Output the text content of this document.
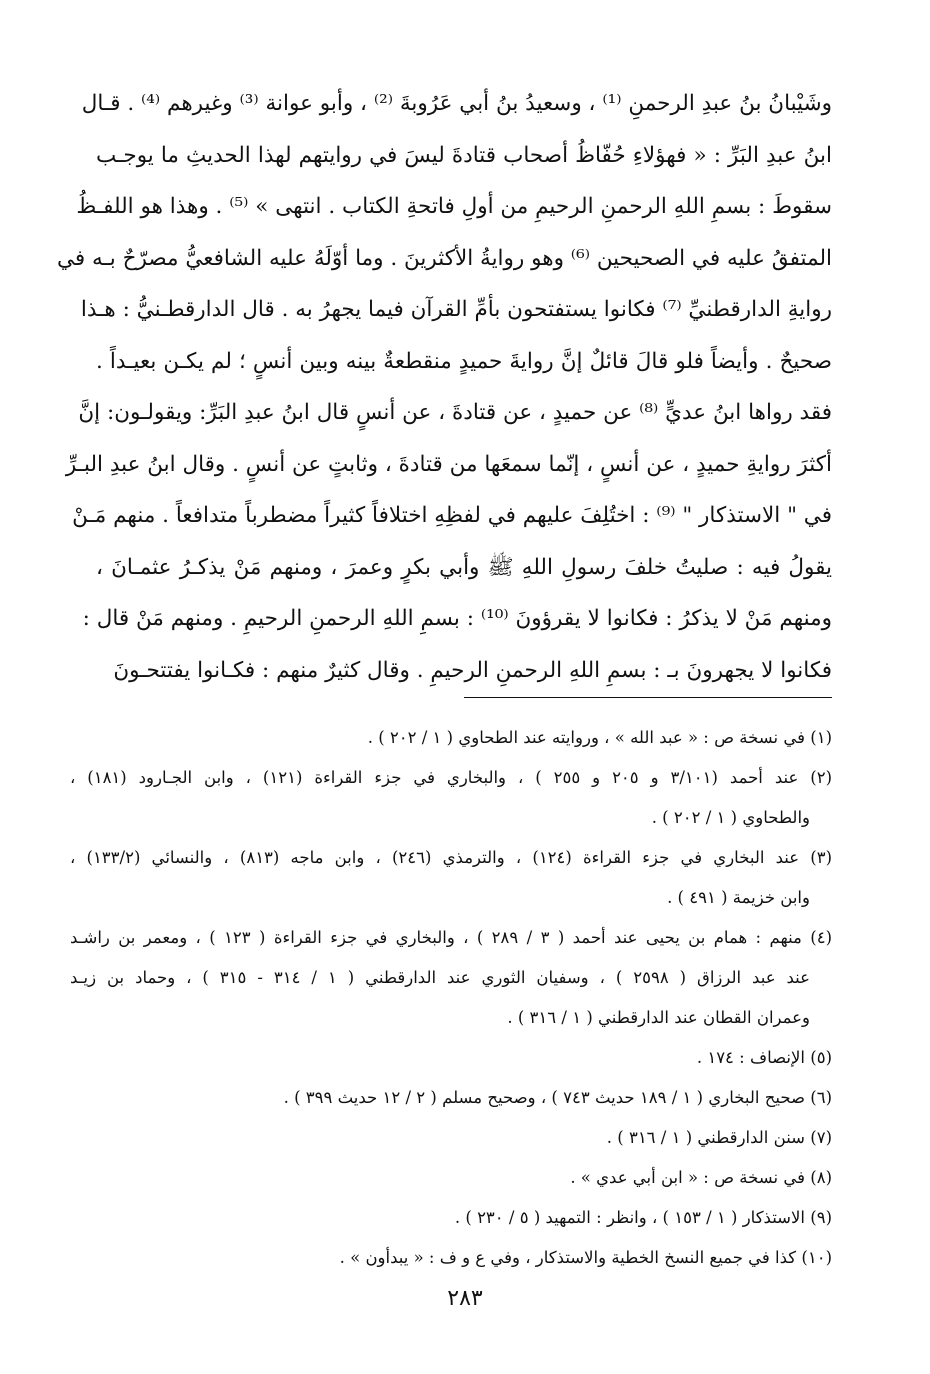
وشَيْبانُ بنُ عبدِ الرحمنِ ⁽¹⁾ ، وسعيدُ بنُ أبي عَرُوبةَ ⁽²⁾ ، وأبو عوانة ⁽³⁾ وغيرهم ⁽⁴⁾ . قـال
ابنُ عبدِ البَرِّ : « فهؤلاءِ حُفّاظُ أصحاب قتادةَ ليسَ في روايتهم لهذا الحديثِ ما يوجـب
سقوطَ : بسمِ اللهِ الرحمنِ الرحيمِ من أولِ فاتحةِ الكتاب . انتهى » ⁽⁵⁾ . وهذا هو اللفـظُ
المتفقُ عليه في الصحيحين ⁽⁶⁾ وهو روايةُ الأكثرينَ . وما أوّلَهُ عليه الشافعيُّ مصرّحٌ بـه في
روايةِ الدارقطنيِّ ⁽⁷⁾ فكانوا يستفتحون بأمِّ القرآن فيما يجهرُ به . قال الدارقطـنيُّ : هـذا
صحيحٌ . وأيضاً فلو قالَ قائلٌ إنَّ روايةَ حميدٍ منقطعةٌ بينه وبين أنسٍ ؛ لم يكـن بعيـداً .
فقد رواها ابنُ عديٍّ ⁽⁸⁾ عن حميدٍ ، عن قتادةَ ، عن أنسٍ قال ابنُ عبدِ البَرِّ: ويقولـون: إنَّ
أكثرَ روايةِ حميدٍ ، عن أنسٍ ، إنّما سمعَها من قتادةَ ، وثابتٍ عن أنسٍ . وقال ابنُ عبدِ البـرِّ
في " الاستذكار " ⁽⁹⁾ : اختُلِفَ عليهم في لفظِهِ اختلافاً كثيراً مضطرباً متدافعاً . منهم مَـنْ
يقولُ فيه : صليتُ خلفَ رسولِ اللهِ ﷺ وأبي بكرٍ وعمرَ ، ومنهم مَنْ يذكـرُ عثمـانَ ،
ومنهم مَنْ لا يذكرُ : فكانوا لا يقرؤونَ ⁽¹⁰⁾ : بسمِ اللهِ الرحمنِ الرحيمِ . ومنهم مَنْ قال :
فكانوا لا يجهرونَ بـ : بسمِ اللهِ الرحمنِ الرحيمِ . وقال كثيرٌ منهم : فكـانوا يفتتحـونَ
(١) في نسخة ص : « عبد الله » ، وروايته عند الطحاوي ( ١ / ٢٠٢ ) .
(٢) عند أحمد (٣/١٠١ و ٢٠٥ و ٢٥٥ ) ، والبخاري في جزء القراءة (١٢١) ، وابن الجـارود (١٨١) ،
والطحاوي ( ١ / ٢٠٢ ) .
(٣) عند البخاري في جزء القراءة (١٢٤) ، والترمذي (٢٤٦) ، وابن ماجه (٨١٣) ، والنسائي (١٣٣/٢) ،
وابن خزيمة ( ٤٩١ ) .
(٤) منهم : همام بن يحيى عند أحمد ( ٣ / ٢٨٩ ) ، والبخاري في جزء القراءة ( ١٢٣ ) ، ومعمر بن راشـد
عند عبد الرزاق ( ٢٥٩٨ ) ، وسفيان الثوري عند الدارقطني ( ١ / ٣١٤ - ٣١٥ ) ، وحماد بن زيـد
وعمران القطان عند الدارقطني ( ١ / ٣١٦ ) .
(٥) الإنصاف : ١٧٤ .
(٦) صحيح البخاري ( ١ / ١٨٩ حديث ٧٤٣ ) ، وصحيح مسلم ( ٢ / ١٢ حديث ٣٩٩ ) .
(٧) سنن الدارقطني ( ١ / ٣١٦ ) .
(٨) في نسخة ص : « ابن أبي عدي » .
(٩) الاستذكار ( ١ / ١٥٣ ) ، وانظر : التمهيد ( ٥ / ٢٣٠ ) .
(١٠) كذا في جميع النسخ الخطية والاستذكار ، وفي ع و ف : « يبدأون » .
٢٨٣
